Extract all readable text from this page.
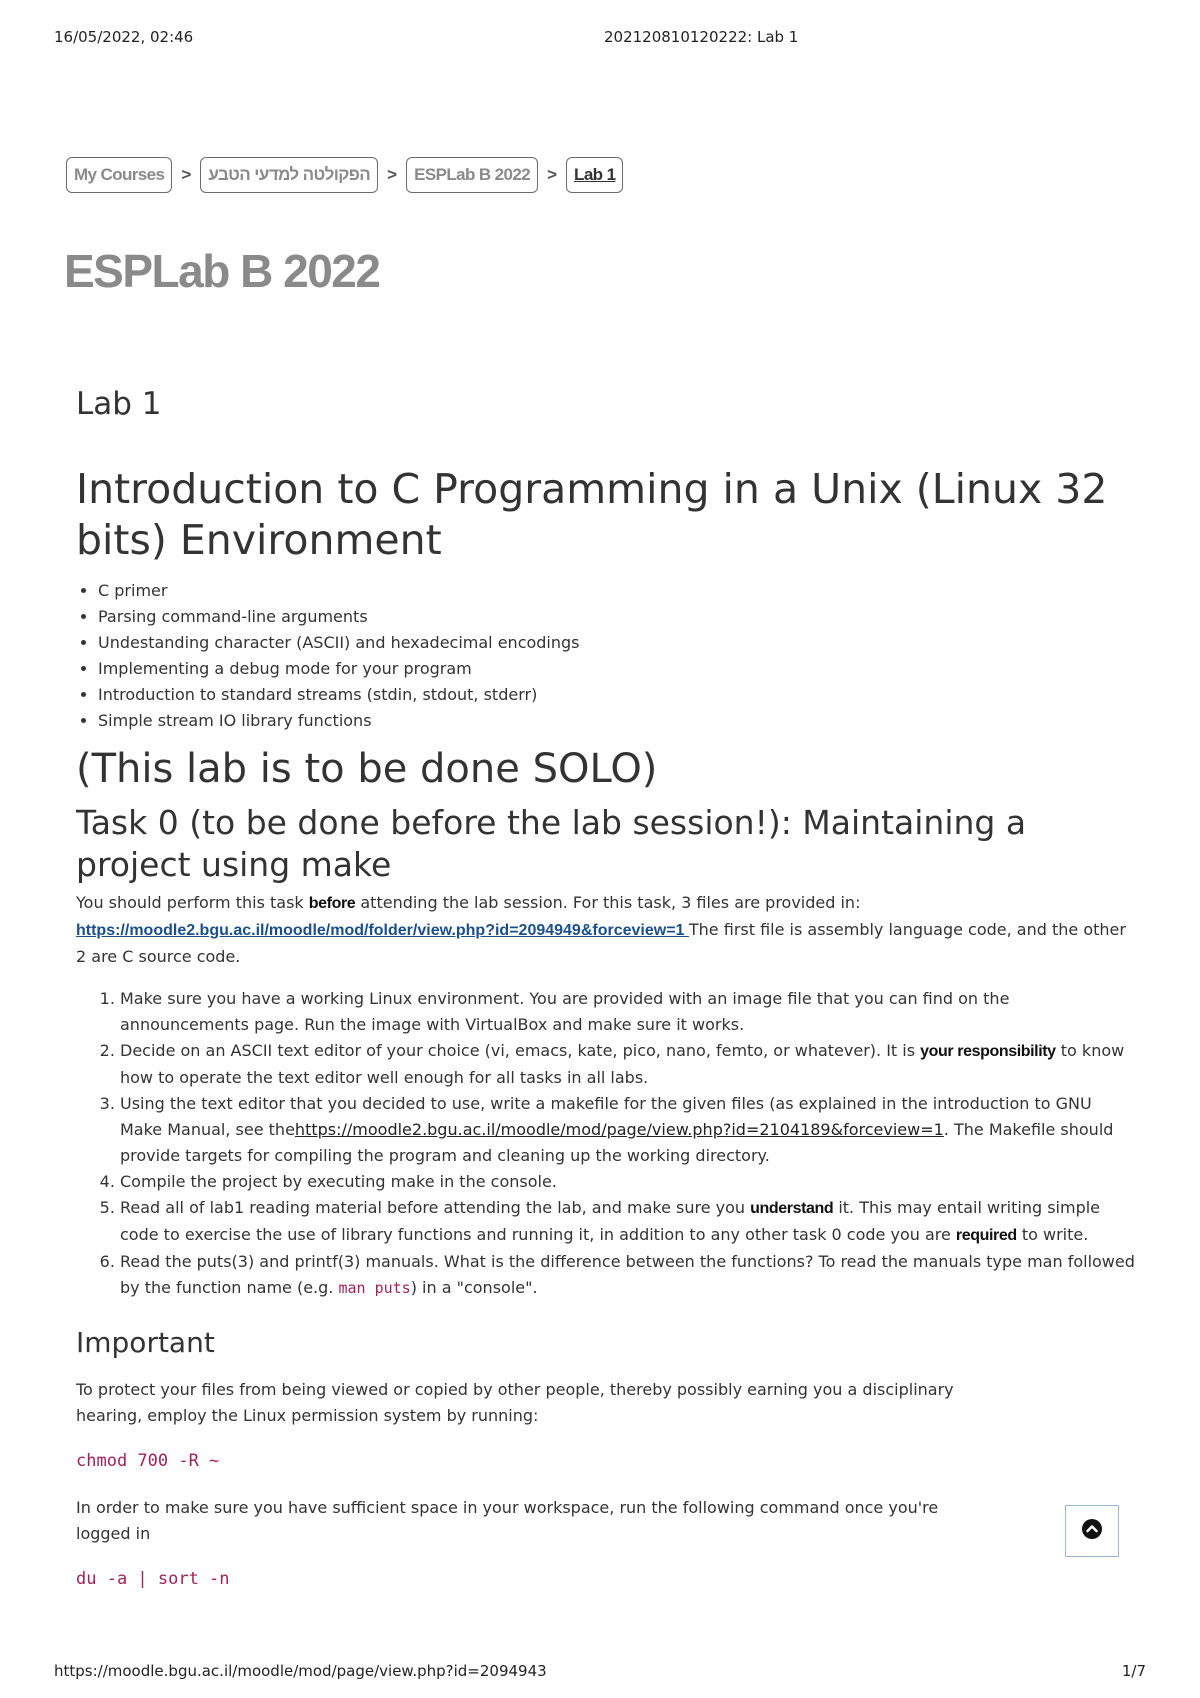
16/05/2022, 02:46	202120810120222: Lab 1
My Courses	>	הפקולטה למדעי הטבע	>	ESPLab B 2022	>	Lab 1
ESPLab B 2022
Lab 1
Introduction to C Programming in a Unix (Linux 32 bits) Environment
• C primer
• Parsing command-line arguments
• Undestanding character (ASCII) and hexadecimal encodings
• Implementing a debug mode for your program
• Introduction to standard streams (stdin, stdout, stderr)
• Simple stream IO library functions
(This lab is to be done SOLO)
Task 0 (to be done before the lab session!): Maintaining a project using make

You should perform this task before attending the lab session. For this task, 3 files are provided in: https://moodle2.bgu.ac.il/moodle/mod/folder/view.php?id=2094949&forceview=1 The first file is assembly language code, and the other 2 are C source code.

1. Make sure you have a working Linux environment. You are provided with an image file that you can find on the announcements page. Run the image with VirtualBox and make sure it works.
2. Decide on an ASCII text editor of your choice (vi, emacs, kate, pico, nano, femto, or whatever). It is your responsibility to know how to operate the text editor well enough for all tasks in all labs.
3. Using the text editor that you decided to use, write a makefile for the given files (as explained in the introduction to GNU Make Manual, see thehttps://moodle2.bgu.ac.il/moodle/mod/page/view.php?id=2104189&forceview=1. The Makefile should provide targets for compiling the program and cleaning up the working directory.
4. Compile the project by executing make in the console.
5. Read all of lab1 reading material before attending the lab, and make sure you understand it. This may entail writing simple code to exercise the use of library functions and running it, in addition to any other task 0 code you are required to write.
6. Read the puts(3) and printf(3) manuals. What is the difference between the functions? To read the manuals type man followed by the function name (e.g. man puts) in a "console".
Important

To protect your files from being viewed or copied by other people, thereby possibly earning you a disciplinary hearing, employ the Linux permission system by running:

chmod 700 -R ~

In order to make sure you have sufficient space in your workspace, run the following command once you're logged in

du -a | sort -n
https://moodle.bgu.ac.il/moodle/mod/page/view.php?id=2094943	1/7
